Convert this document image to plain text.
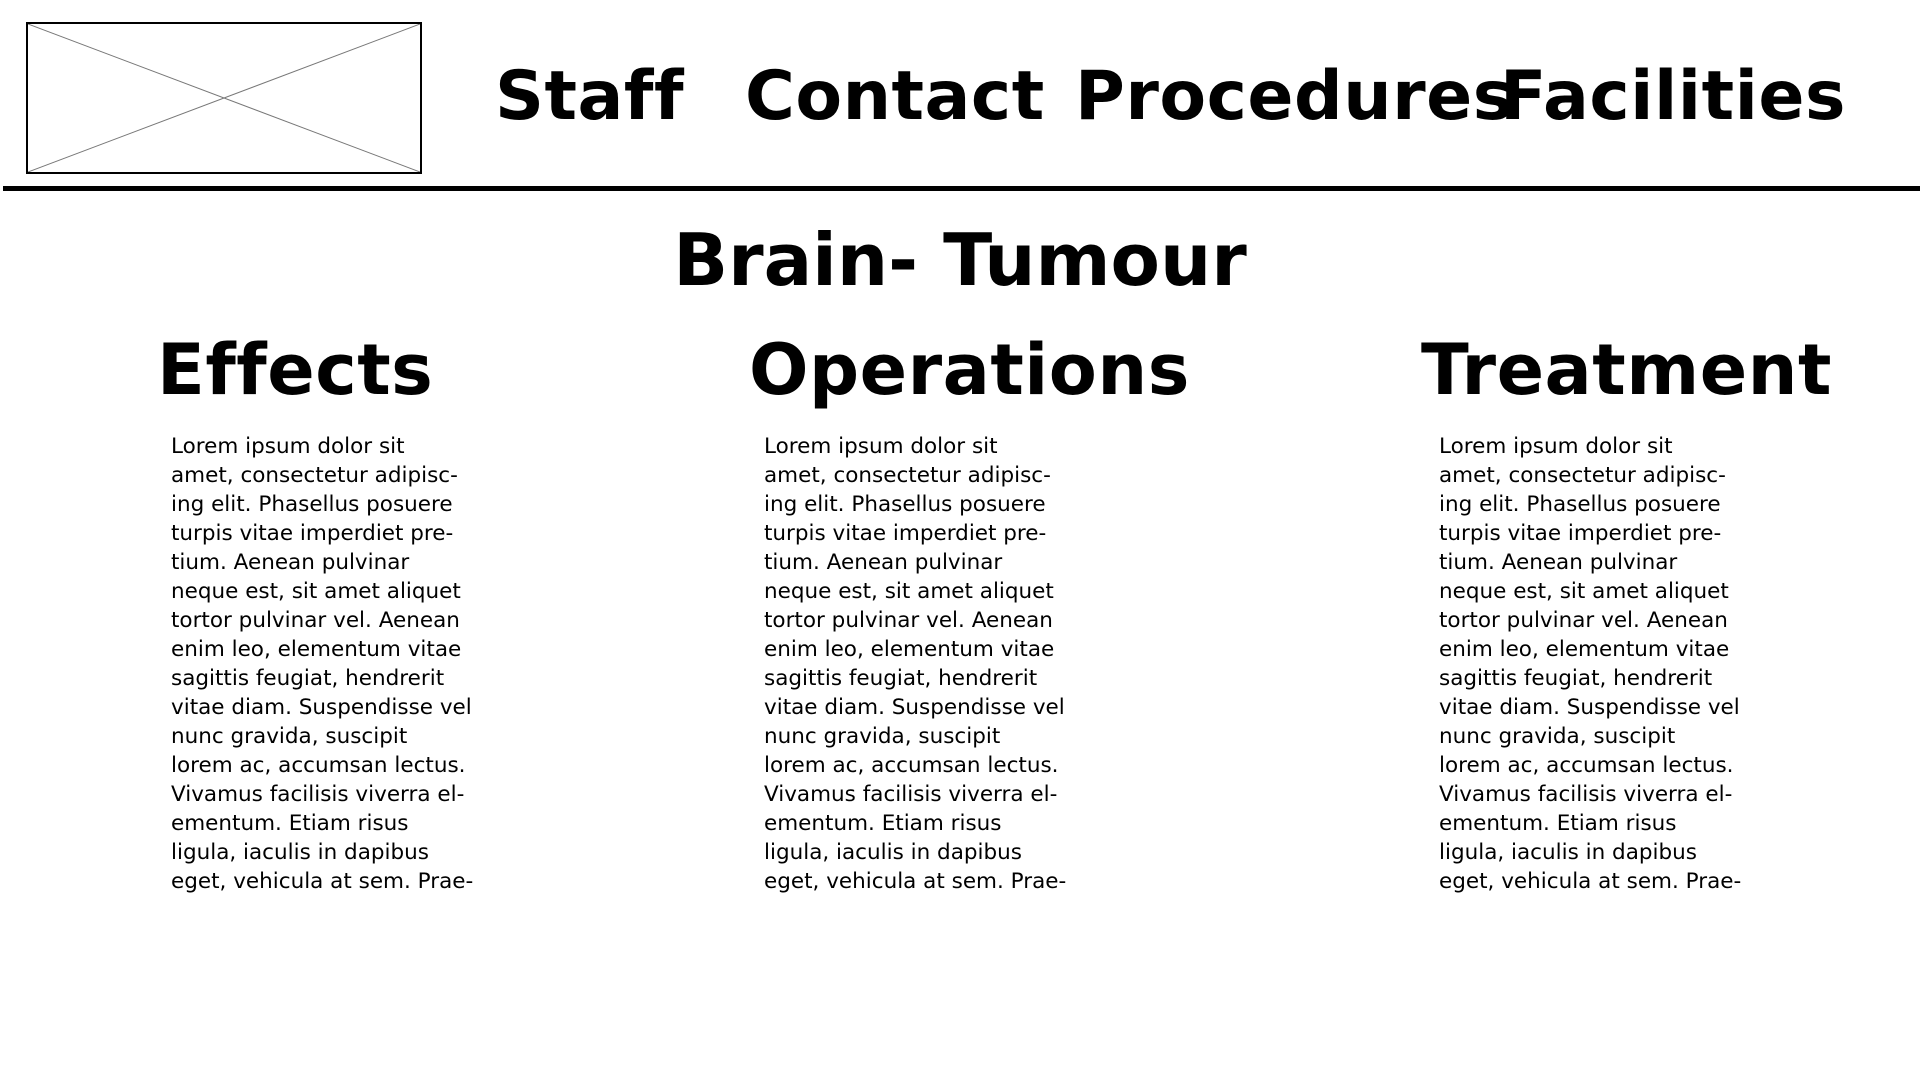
Staff Contact Procedures
Facilities
Brain- Tumour
Effects
Lorem ipsum dolor sit
amet, consectetur adipisc-
ing elit. Phasellus posuere
turpis vitae imperdiet pre-
tium. Aenean pulvinar
neque est, sit amet aliquet
tortor pulvinar vel. Aenean
enim leo, elementum vitae
sagittis feugiat, hendrerit
vitae diam. Suspendisse vel
nunc gravida, suscipit
lorem ac, accumsan lectus.
Vivamus facilisis viverra el-
ementum. Etiam risus
ligula, iaculis in dapibus
eget, vehicula at sem. Prae-
Operations
Lorem ipsum dolor sit
amet, consectetur adipisc-
ing elit. Phasellus posuere
turpis vitae imperdiet pre-
tium. Aenean pulvinar
neque est, sit amet aliquet
tortor pulvinar vel. Aenean
enim leo, elementum vitae
sagittis feugiat, hendrerit
vitae diam. Suspendisse vel
nunc gravida, suscipit
lorem ac, accumsan lectus.
Vivamus facilisis viverra el-
ementum. Etiam risus
ligula, iaculis in dapibus
eget, vehicula at sem. Prae-
Treatment
Lorem ipsum dolor sit
amet, consectetur adipisc-
ing elit. Phasellus posuere
turpis vitae imperdiet pre-
tium. Aenean pulvinar
neque est, sit amet aliquet
tortor pulvinar vel. Aenean
enim leo, elementum vitae
sagittis feugiat, hendrerit
vitae diam. Suspendisse vel
nunc gravida, suscipit
lorem ac, accumsan lectus.
Vivamus facilisis viverra el-
ementum. Etiam risus
ligula, iaculis in dapibus
eget, vehicula at sem. Prae-
